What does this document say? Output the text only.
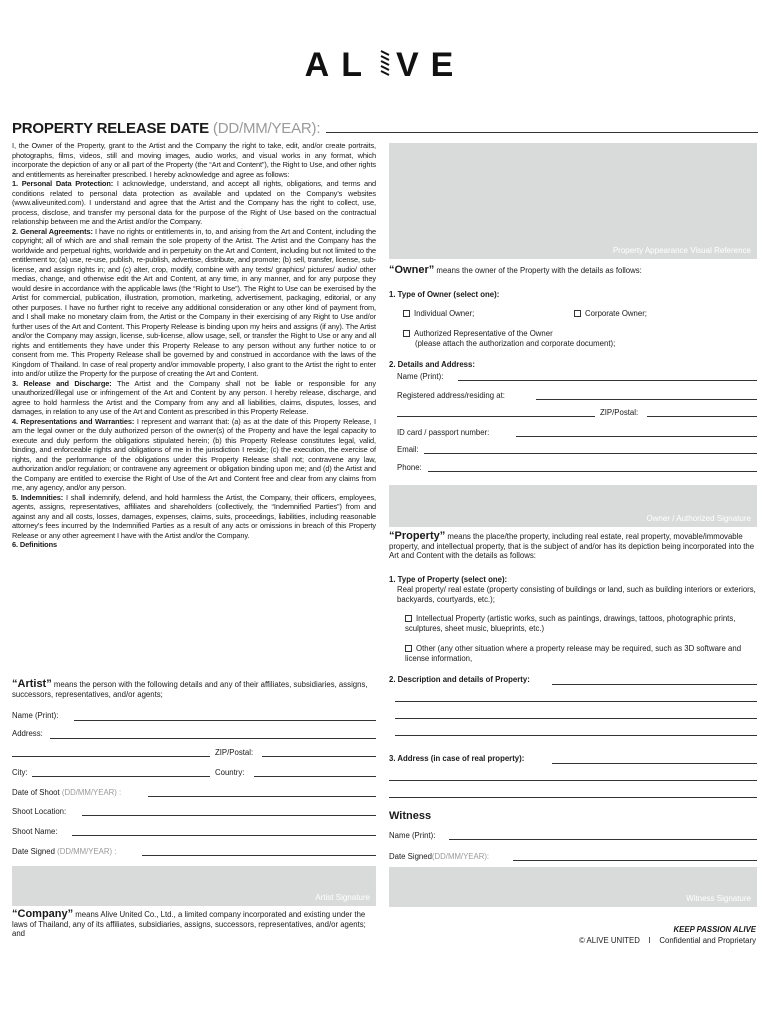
AL VE
PROPERTY RELEASE DATE (DD/MM/YEAR):

I, the Owner of the Property, grant to the Artist and the Company the right to take, edit, and/or create portraits, photographs, films, videos, still and moving images, audio works, and visual works in any format, which incorporate the depiction of any or all part of the Property (the “Art and Content”), the Right to Use, and other rights and entitlements as hereinafter prescribed. I hereby acknowledge and agree as follows:

1. Personal Data Protection: I acknowledge, understand, and accept all rights, obligations, and terms and conditions related to personal data protection as available and updated on the Company’s websites (www.aliveunited.com). I understand and agree that the Artist and the Company has the right to collect, use, process, disclose, and transfer my personal data for the purpose of the Right of Use based on the contractual relationship between me and the Artist and/or the Company.

2. General Agreements: I have no rights or entitlements in, to, and arising from the Art and Content, including the copyright; all of which are and shall remain the sole property of the Artist. The Artist and the Company has the worldwide and perpetual rights, worldwide and in perpetuity on the Art and Content, including but not limited to the entitlement to; (a) use, re-use, publish, re-publish, advertise, distribute, and promote; (b) sell, transfer, license, sub-license, and assign rights in; and (c) alter, crop, modify, combine with any texts/ graphics/ pictures/ audio/ other medias, change, and otherwise edit the Art and Content, at any time, in any manner, and for any purpose they would desire in accordance with the applicable laws (the “Right to Use”). The Right to Use can be exercised by the Artist for commercial, publication, illustration, promotion, marketing, advertisement, packaging, editorial, or any other purposes. I have no further right to receive any additional consideration or any other kind of payment from, and I shall make no monetary claim from, the Artist or the Company in their exercising of any Right to Use and/or further uses of the Art and Content. This Property Release is binding upon my heirs and assigns (if any). The Artist and/or the Company may assign, license, sub-license, allow usage, sell, or transfer the Right to Use or any and all rights and entitlements they have under this Property Release to any person without any further notice to or consent from me. This Property Release shall be governed by and construed in accordance with the laws of the Kingdom of Thailand. In case of real property and/or immovable property, I also grant to the Artist the right to enter into and/or utilize the Property for the purpose of creating the Art and Content.

3. Release and Discharge: The Artist and the Company shall not be liable or responsible for any unauthorized/illegal use or infringement of the Art and Content by any person. I hereby release, discharge, and agree to hold harmless the Artist and the Company from any and all liabilities, claims, disputes, losses, and damages, in relation to any use of the Art and Content as prescribed in this Property Release.

4. Representations and Warranties: I represent and warrant that: (a) as at the date of this Property Release, I am the legal owner or the duly authorized person of the owner(s) of the Property and have the legal capacity to execute and duly perform the obligations stipulated herein; (b) this Property Release constitutes legal, valid, binding, and enforceable rights and obligations of me in the jurisdiction I reside; (c) the execution, the exercise of rights, and the performance of the obligations under this Property Release shall not; contravene any law, authorization and/or regulation; or contravene any agreement or obligation binding upon me; and (d) the Artist and the Company are entitled to exercise the Right of Use of the Art and Content free and clear from any claims from me, any agency, and/or any person.

5. Indemnities: I shall indemnify, defend, and hold harmless the Artist, the Company, their officers, employees, agents, assigns, representatives, affiliates and shareholders (collectively, the “Indemnified Parties”) from and against any and all costs, losses, damages, expenses, claims, suits, proceedings, liabilities, including reasonable attorney’s fees incurred by the Indemnified Parties as a result of any acts or omissions in breach of this Property Release or any other agreement I have with the Artist and/or the Company.

6. Definitions

“Artist” means the person with the following details and any of their affiliates, subsidiaries, assigns, successors, representatives, and/or agents;
Name (Print):
Address:
ZIP/Postal:
City:	Country:
Date of Shoot (DD/MM/YEAR) :
Shoot Location:
Shoot Name:
Date Signed (DD/MM/YEAR) :
Artist Signature
“Company” means Alive United Co., Ltd., a limited company incorporated and existing under the laws of Thailand, any of its affiliates, subsidiaries, assigns, successors, representatives, and/or agents; and
Property Appearance Visual Reference
“Owner” means the owner of the Property with the details as follows:
1. Type of Owner (select one):
Individual Owner;	Corporate Owner;
Authorized Representative of the Owner
(please attach the authorization and corporate document);
2. Details and Address:
Name (Print):
Registered address/residing at:
ZIP/Postal:
ID card / passport number:
Email:
Phone:
Owner / Authorized Signature
“Property” means the place/the property, including real estate, real property, movable/immovable property, and intellectual property, that is the subject of and/or has its depiction being incorporated into the Art and Content with the details as follows:
1. Type of Property (select one):
Real property/ real estate (property consisting of buildings or land, such as building interiors or exteriors, backyards, courtyards, etc.);
Intellectual Property (artistic works, such as paintings, drawings, tattoos, photographic prints, sculptures, sheet music, blueprints, etc.)
Other (any other situation where a property release may be required, such as 3D software and license information,
2. Description and details of Property:
3. Address (in case of real property):
Witness
Name (Print):
Date Signed(DD/MM/YEAR):
Witness Signature
KEEP PASSION ALIVE
© ALIVE UNITED    I    Confidential and Proprietary
